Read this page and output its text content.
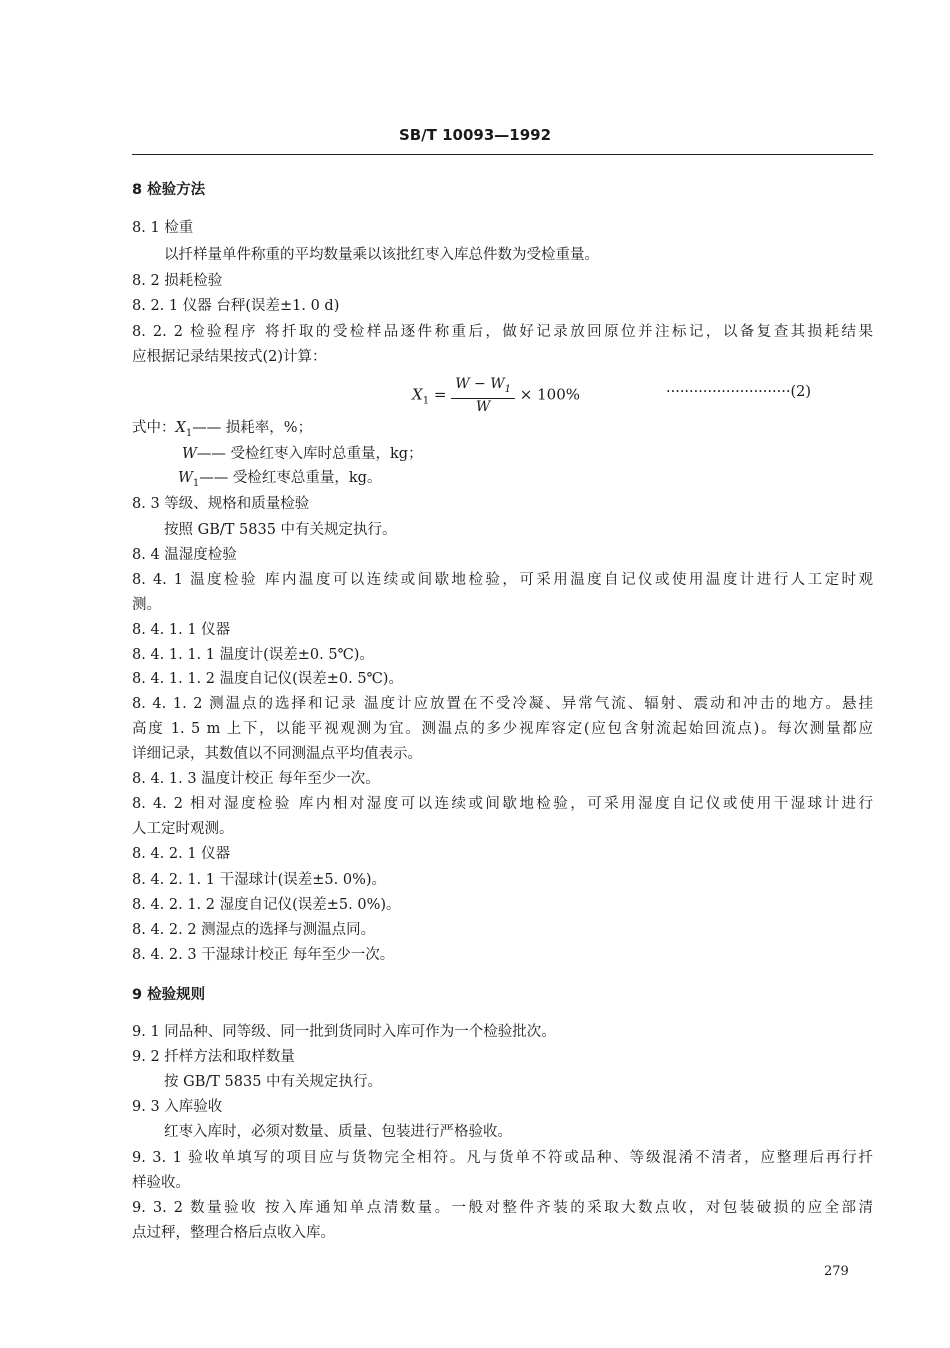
SB/T 10093—1992
8 检验方法
8. 1 检重
以扦样量单件称重的平均数量乘以该批红枣入库总件数为受检重量。
8. 2 损耗检验
8. 2. 1 仪器 台秤(误差±1. 0 d)
8. 2. 2 检验程序 将扦取的受检样品逐件称重后，做好记录放回原位并注标记，以备复查其损耗结果
应根据记录结果按式(2)计算：
$X_1 = \frac{W - W_1}{W} \times 100\%$	···························(2)
式中：$X_1——$ 损耗率，%；
W—— 受检红枣入库时总重量，kg；
$W_1——$ 受检红枣总重量，kg。
8. 3 等级、规格和质量检验
按照 GB/T 5835 中有关规定执行。
8. 4 温湿度检验
8. 4. 1 温度检验 库内温度可以连续或间歇地检验，可采用温度自记仪或使用温度计进行人工定时观
测。
8. 4. 1. 1 仪器
8. 4. 1. 1. 1 温度计(误差±0. 5℃)。
8. 4. 1. 1. 2 温度自记仪(误差±0. 5℃)。
8. 4. 1. 2 测温点的选择和记录 温度计应放置在不受冷凝、异常气流、辐射、震动和冲击的地方。悬挂
高度 1. 5 m 上下，以能平视观测为宜。测温点的多少视库容定(应包含射流起始回流点)。每次测量都应
详细记录，其数值以不同测温点平均值表示。
8. 4. 1. 3 温度计校正 每年至少一次。
8. 4. 2 相对湿度检验 库内相对湿度可以连续或间歇地检验，可采用湿度自记仪或使用干湿球计进行
人工定时观测。
8. 4. 2. 1 仪器
8. 4. 2. 1. 1 干湿球计(误差±5. 0%)。
8. 4. 2. 1. 2 湿度自记仪(误差±5. 0%)。
8. 4. 2. 2 测湿点的选择与测温点同。
8. 4. 2. 3 干湿球计校正 每年至少一次。
9 检验规则
9. 1 同品种、同等级、同一批到货同时入库可作为一个检验批次。
9. 2 扦样方法和取样数量
按 GB/T 5835 中有关规定执行。
9. 3 入库验收
红枣入库时，必须对数量、质量、包装进行严格验收。
9. 3. 1 验收单填写的项目应与货物完全相符。凡与货单不符或品种、等级混淆不清者，应整理后再行扦
样验收。
9. 3. 2 数量验收 按入库通知单点清数量。一般对整件齐装的采取大数点收，对包装破损的应全部清
点过秤，整理合格后点收入库。
279
